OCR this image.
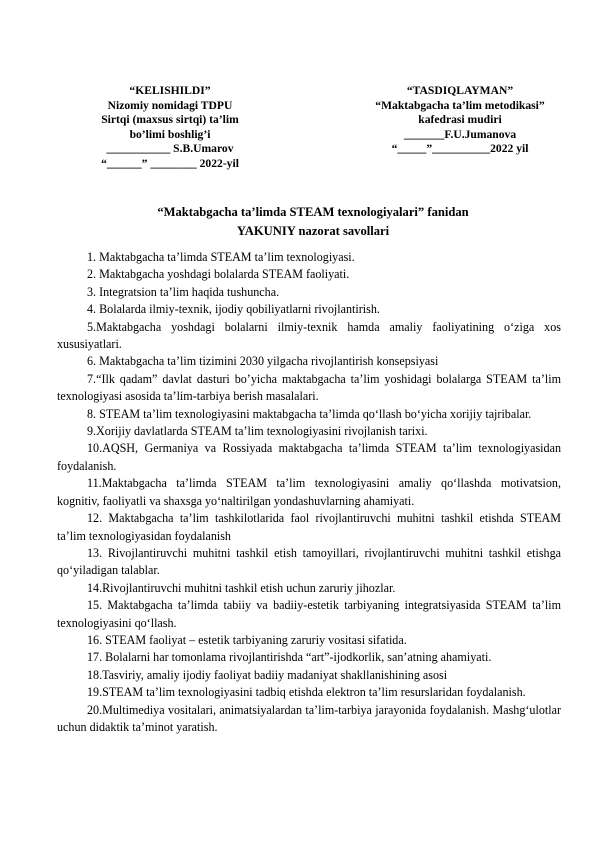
“KELISHILDI”
Nizomiy nomidagi TDPU
Sirtqi (maxsus sirtqi) ta’lim
bo’limi boshlig’i
___________ S.B.Umarov
“______” ________ 2022-yil
“TASDIQLAYMAN”
“Maktabgacha ta’lim metodikasi”
kafedrasi mudiri
_______F.U.Jumanova
“_____”__________2022 yil
“Maktabgacha ta’limda STEAM texnologiyalari” fanidan
YAKUNIY nazorat savollari

1. Maktabgacha ta’limda STEAM ta’lim texnologiyasi.

2. Maktabgacha yoshdagi bolalarda STEAM faoliyati.

3. Integratsion ta’lim haqida tushuncha.

4. Bolalarda ilmiy-texnik, ijodiy qobiliyatlarni rivojlantirish.

5.Maktabgacha yoshdagi bolalarni ilmiy-texnik hamda amaliy faoliyatining o‘ziga xos xususiyatlari.

6. Maktabgacha ta’lim tizimini 2030 yilgacha rivojlantirish konsepsiyasi

7.“Ilk qadam” davlat dasturi bo’yicha maktabgacha ta’lim yoshidagi bolalarga STEAM ta’lim texnologiyasi asosida ta’lim-tarbiya berish masalalari.

8. STEAM ta’lim texnologiyasini maktabgacha ta’limda qo‘llash bo‘yicha xorijiy tajribalar.

9.Xorijiy davlatlarda STEAM ta’lim texnologiyasini rivojlanish tarixi.

10.AQSH, Germaniya va Rossiyada maktabgacha ta’limda STEAM ta’lim texnologiyasidan foydalanish.

11.Maktabgacha ta’limda STEAM ta’lim texnologiyasini amaliy qo‘llashda motivatsion, kognitiv, faoliyatli va shaxsga yo‘naltirilgan yondashuvlarning ahamiyati.

12. Maktabgacha ta’lim tashkilotlarida faol rivojlantiruvchi muhitni tashkil etishda STEAM ta’lim texnologiyasidan foydalanish

13. Rivojlantiruvchi muhitni tashkil etish tamoyillari, rivojlantiruvchi muhitni tashkil etishga qo‘yiladigan talablar.

14.Rivojlantiruvchi muhitni tashkil etish uchun zaruriy jihozlar.

15. Maktabgacha ta’limda tabiiy va badiiy-estetik tarbiyaning integratsiyasida STEAM ta’lim texnologiyasini qo‘llash.

16. STEAM faoliyat – estetik tarbiyaning zaruriy vositasi sifatida.

17. Bolalarni har tomonlama rivojlantirishda “art”-ijodkorlik, san’atning ahamiyati.

18.Tasviriy, amaliy ijodiy faoliyat badiiy madaniyat shakllanishining asosi

19.STEAM ta’lim texnologiyasini tadbiq etishda elektron ta’lim resurslaridan foydalanish.

20.Multimediya vositalari, animatsiyalardan ta’lim-tarbiya jarayonida foydalanish. Mashg‘ulotlar uchun didaktik ta’minot yaratish.
